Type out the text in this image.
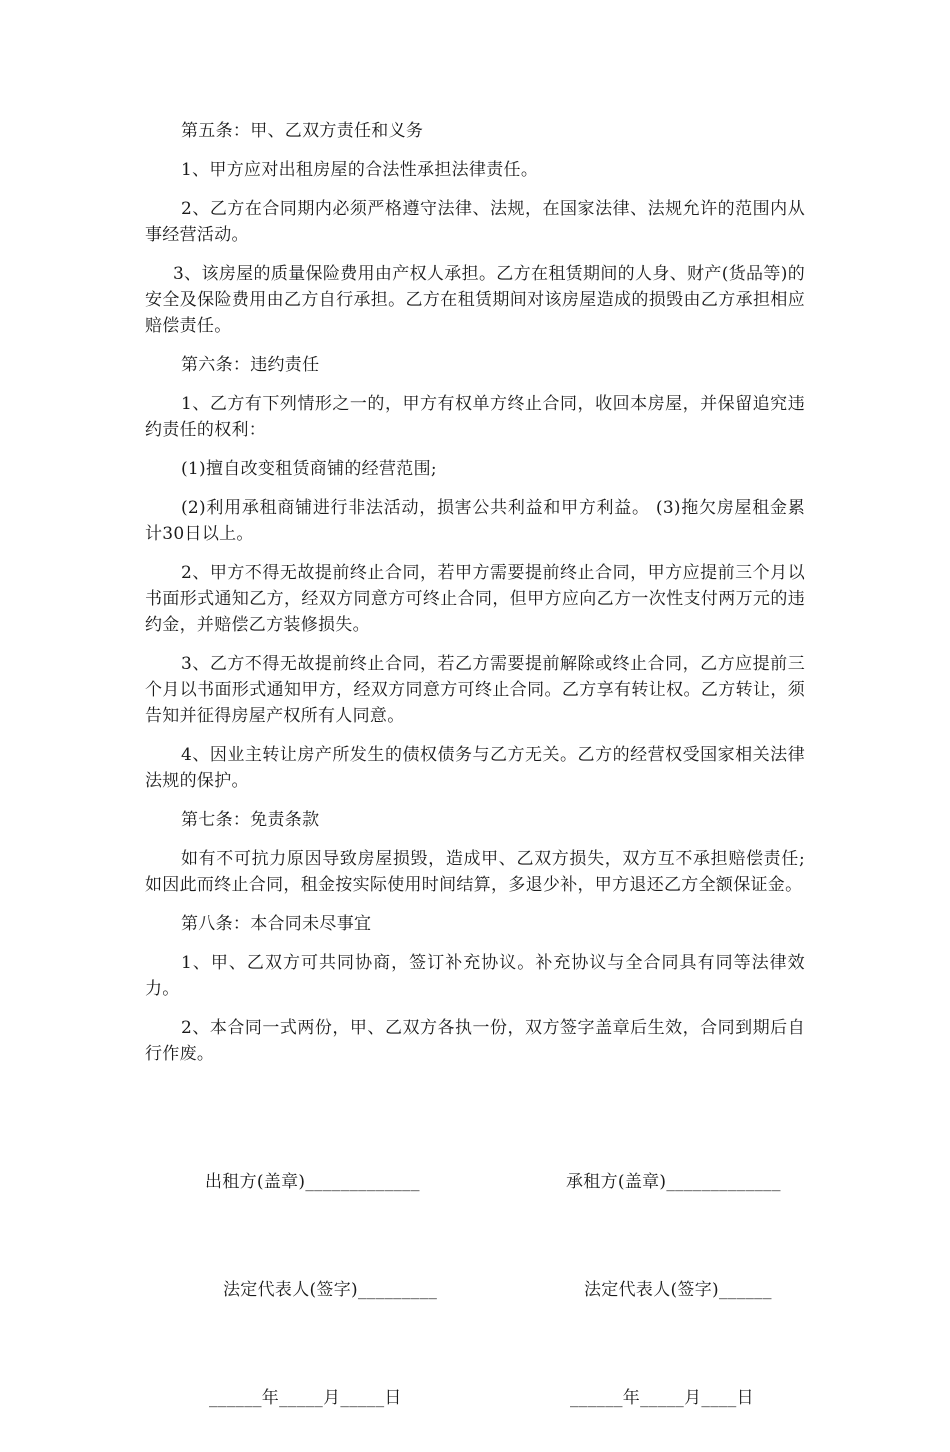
第五条：甲、乙双方责任和义务

1、甲方应对出租房屋的合法性承担法律责任。

2、乙方在合同期内必须严格遵守法律、法规，在国家法律、法规允许的范围内从事经营活动。

3、该房屋的质量保险费用由产权人承担。乙方在租赁期间的人身、财产(货品等)的安全及保险费用由乙方自行承担。乙方在租赁期间对该房屋造成的损毁由乙方承担相应赔偿责任。

第六条：违约责任

1、乙方有下列情形之一的，甲方有权单方终止合同，收回本房屋，并保留追究违约责任的权利：

(1)擅自改变租赁商铺的经营范围;

(2)利用承租商铺进行非法活动，损害公共利益和甲方利益。 (3)拖欠房屋租金累计30日以上。

2、甲方不得无故提前终止合同，若甲方需要提前终止合同，甲方应提前三个月以书面形式通知乙方，经双方同意方可终止合同，但甲方应向乙方一次性支付两万元的违约金，并赔偿乙方装修损失。

3、乙方不得无故提前终止合同，若乙方需要提前解除或终止合同，乙方应提前三个月以书面形式通知甲方，经双方同意方可终止合同。乙方享有转让权。乙方转让，须告知并征得房屋产权所有人同意。

4、因业主转让房产所发生的债权债务与乙方无关。乙方的经营权受国家相关法律法规的保护。

第七条：免责条款

如有不可抗力原因导致房屋损毁，造成甲、乙双方损失，双方互不承担赔偿责任;如因此而终止合同，租金按实际使用时间结算，多退少补，甲方退还乙方全额保证金。

第八条：本合同未尽事宜

1、甲、乙双方可共同协商，签订补充协议。补充协议与全合同具有同等法律效力。

2、本合同一式两份，甲、乙双方各执一份，双方签字盖章后生效，合同到期后自行作废。

出租方(盖章)_____________

法定代表人(签字)_________

______年_____月_____日

承租方(盖章)_____________

法定代表人(签字)______

______年_____月____日
